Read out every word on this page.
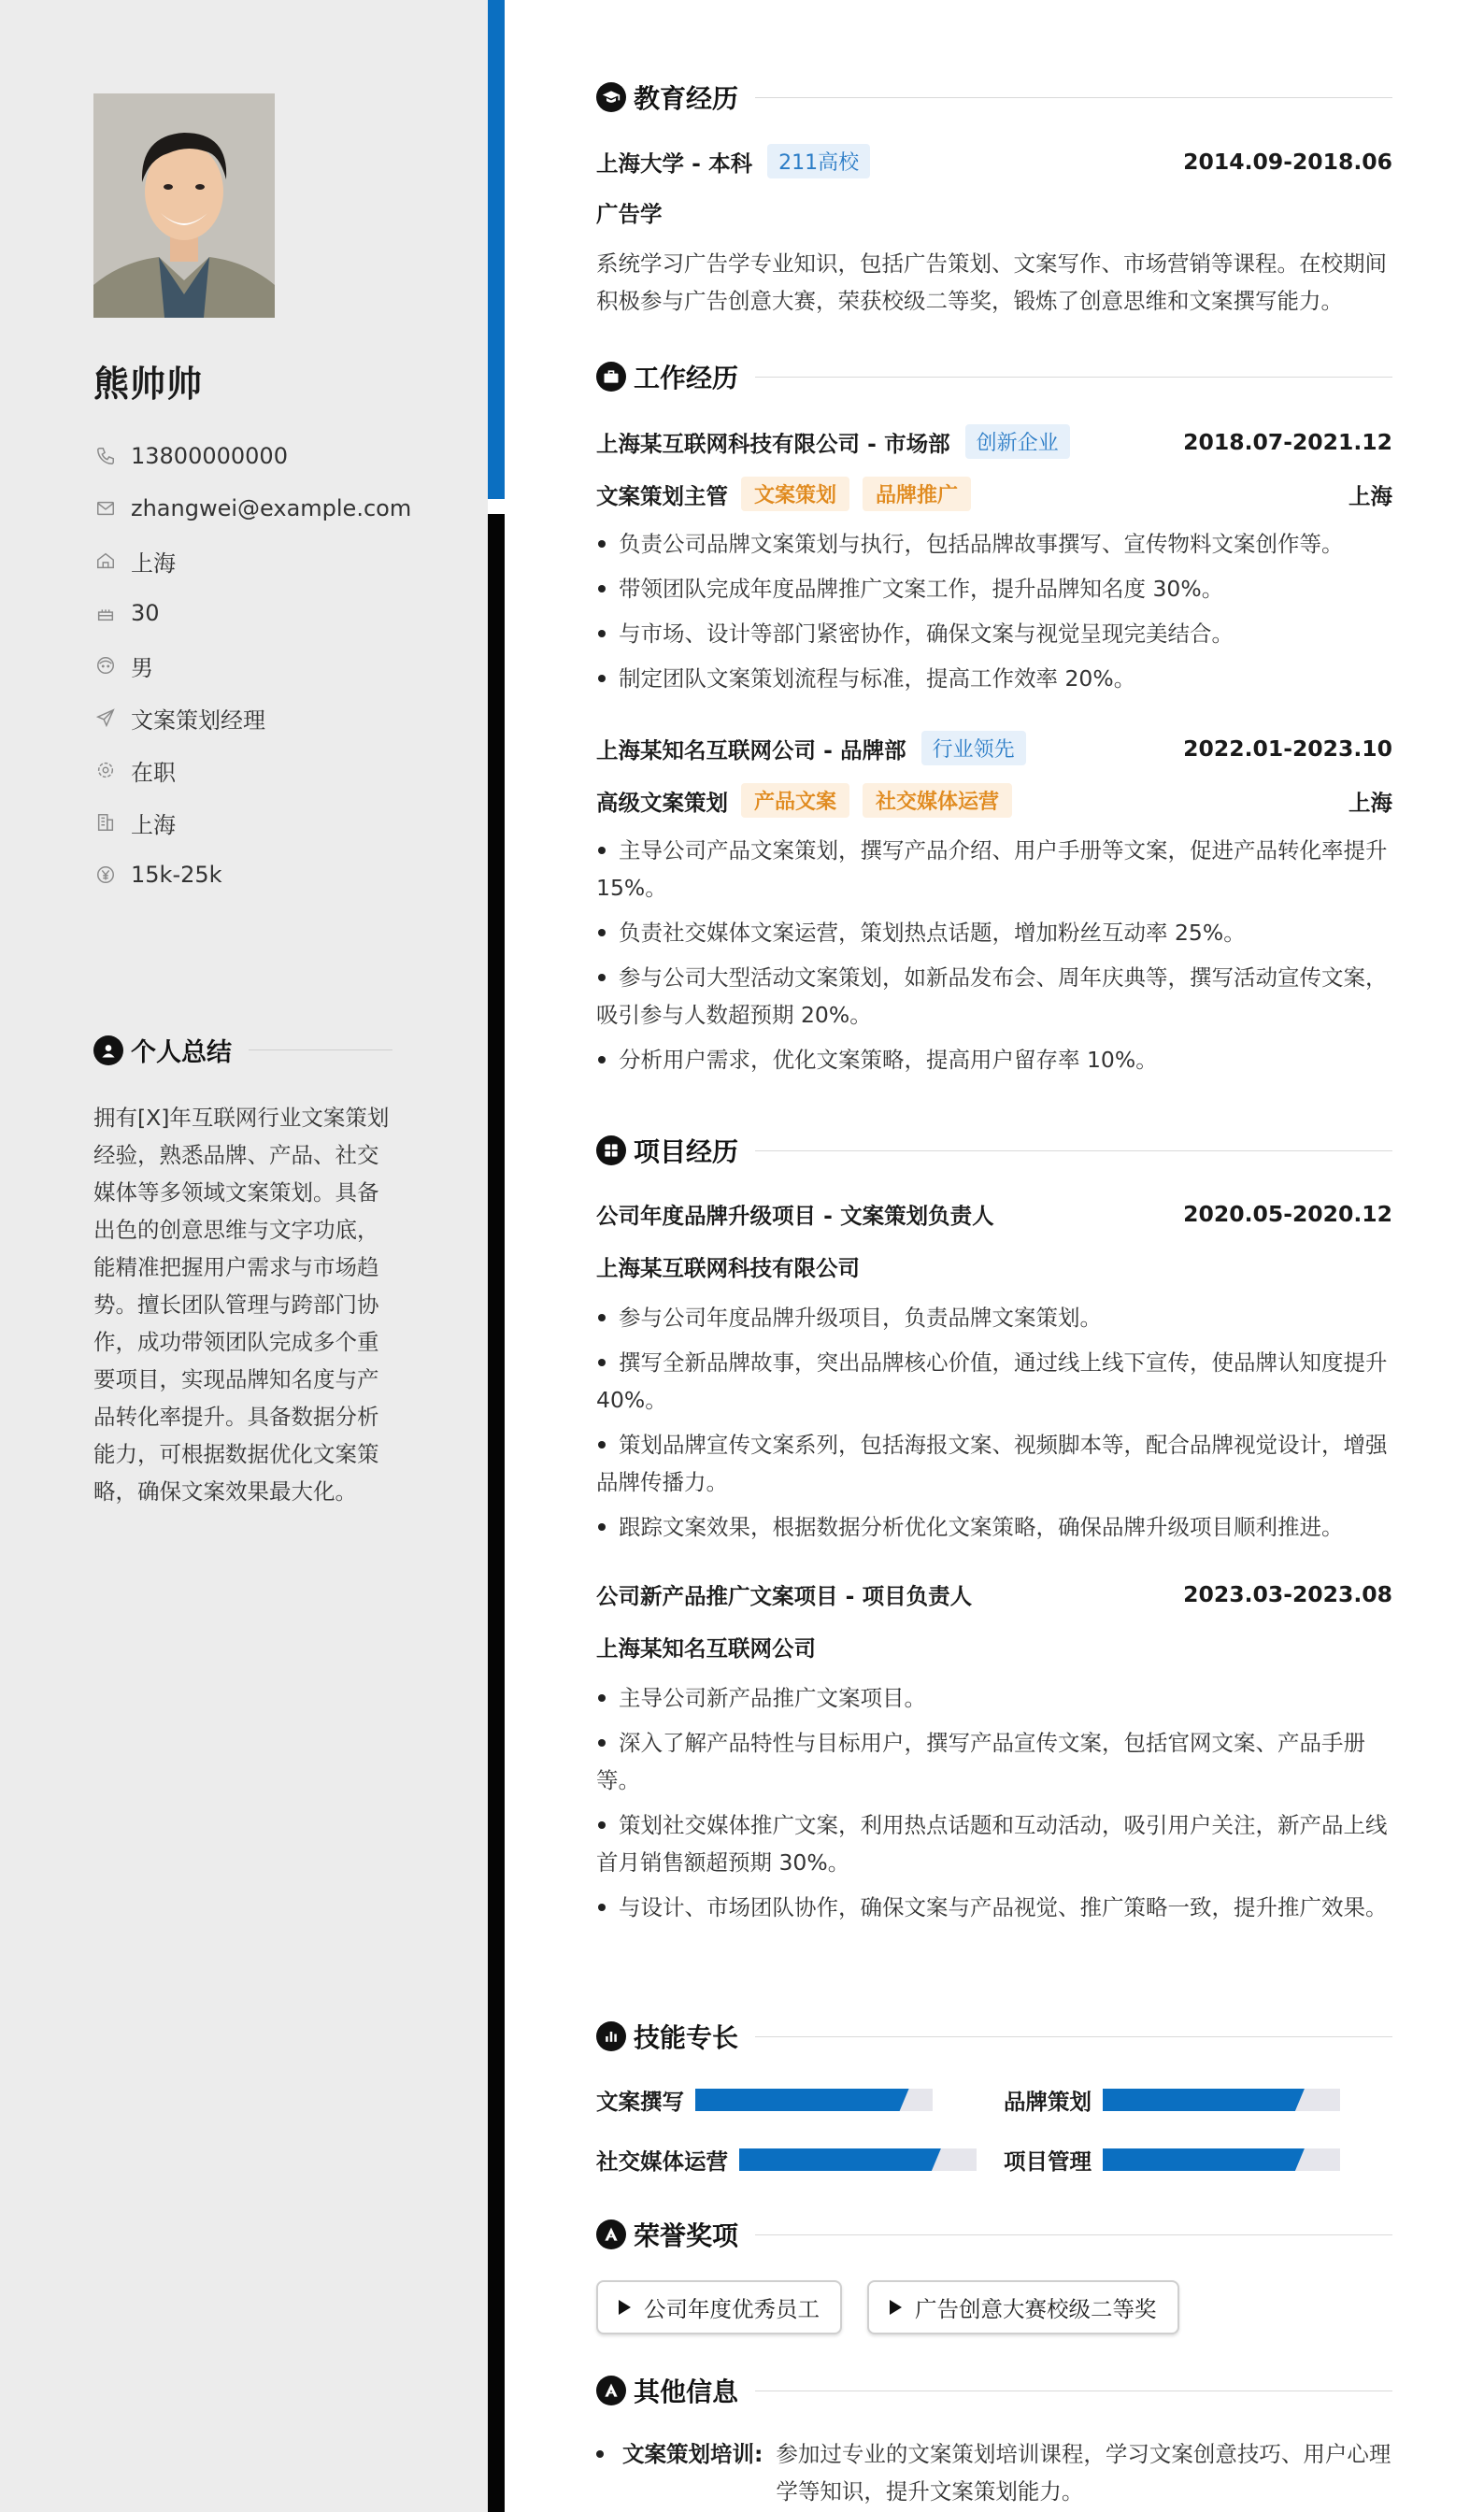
熊帅帅
13800000000
zhangwei@example.com
上海
30
男
文案策划经理
在职
上海
15k-25k
个人总结
拥有[X]年互联网行业文案策划经验，熟悉品牌、产品、社交媒体等多领域文案策划。具备出色的创意思维与文字功底，能精准把握用户需求与市场趋势。擅长团队管理与跨部门协作，成功带领团队完成多个重要项目，实现品牌知名度与产品转化率提升。具备数据分析能力，可根据数据优化文案策略，确保文案效果最大化。
教育经历
上海大学 - 本科	211高校	2014.09-2018.06
广告学
系统学习广告学专业知识，包括广告策划、文案写作、市场营销等课程。在校期间积极参与广告创意大赛，荣获校级二等奖，锻炼了创意思维和文案撰写能力。
工作经历
上海某互联网科技有限公司 - 市场部	创新企业	2018.07-2021.12
文案策划主管	文案策划	品牌推广	上海
负责公司品牌文案策划与执行，包括品牌故事撰写、宣传物料文案创作等。
带领团队完成年度品牌推广文案工作，提升品牌知名度 30%。
与市场、设计等部门紧密协作，确保文案与视觉呈现完美结合。
制定团队文案策划流程与标准，提高工作效率 20%。
上海某知名互联网公司 - 品牌部	行业领先	2022.01-2023.10
高级文案策划	产品文案	社交媒体运营	上海
主导公司产品文案策划，撰写产品介绍、用户手册等文案，促进产品转化率提升 15%。
负责社交媒体文案运营，策划热点话题，增加粉丝互动率 25%。
参与公司大型活动文案策划，如新品发布会、周年庆典等，撰写活动宣传文案，吸引参与人数超预期 20%。
分析用户需求，优化文案策略，提高用户留存率 10%。
项目经历
公司年度品牌升级项目 - 文案策划负责人	2020.05-2020.12
上海某互联网科技有限公司
参与公司年度品牌升级项目，负责品牌文案策划。
撰写全新品牌故事，突出品牌核心价值，通过线上线下宣传，使品牌认知度提升 40%。
策划品牌宣传文案系列，包括海报文案、视频脚本等，配合品牌视觉设计，增强品牌传播力。
跟踪文案效果，根据数据分析优化文案策略，确保品牌升级项目顺利推进。
公司新产品推广文案项目 - 项目负责人	2023.03-2023.08
上海某知名互联网公司
主导公司新产品推广文案项目。
深入了解产品特性与目标用户，撰写产品宣传文案，包括官网文案、产品手册等。
策划社交媒体推广文案，利用热点话题和互动活动，吸引用户关注，新产品上线首月销售额超预期 30%。
与设计、市场团队协作，确保文案与产品视觉、推广策略一致，提升推广效果。
技能专长
文案撰写	品牌策划
社交媒体运营	项目管理
荣誉奖项
公司年度优秀员工	广告创意大赛校级二等奖
其他信息
文案策划培训: 参加过专业的文案策划培训课程，学习文案创意技巧、用户心理学等知识，提升文案策划能力。
